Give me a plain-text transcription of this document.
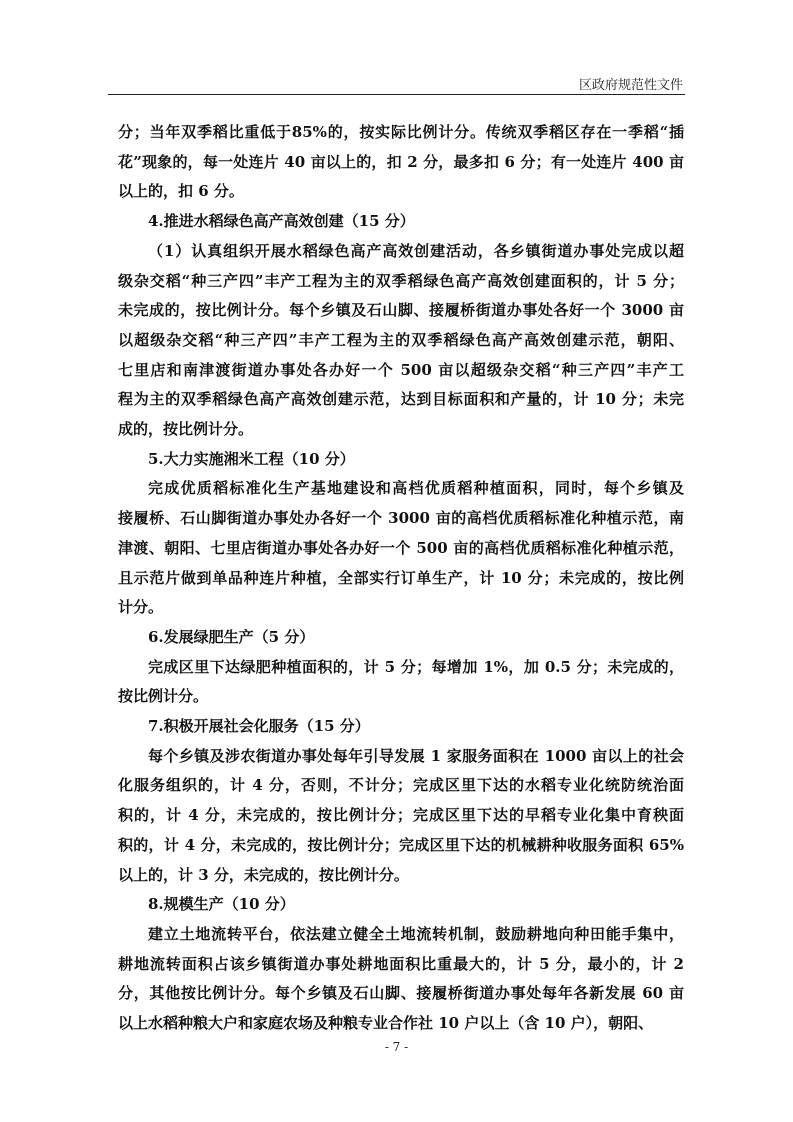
区政府规范性文件
分；当年双季稻比重低于85%的，按实际比例计分。传统双季稻区存在一季稻“插
花”现象的，每一处连片 40 亩以上的，扣 2 分，最多扣 6 分；有一处连片 400 亩
以上的，扣 6 分。
4.推进水稻绿色高产高效创建（15 分）
（1）认真组织开展水稻绿色高产高效创建活动，各乡镇街道办事处完成以超
级杂交稻“种三产四”丰产工程为主的双季稻绿色高产高效创建面积的，计 5 分；
未完成的，按比例计分。每个乡镇及石山脚、接履桥街道办事处各好一个 3000 亩
以超级杂交稻“种三产四”丰产工程为主的双季稻绿色高产高效创建示范，朝阳、
七里店和南津渡街道办事处各办好一个 500 亩以超级杂交稻“种三产四”丰产工
程为主的双季稻绿色高产高效创建示范，达到目标面积和产量的，计 10 分；未完
成的，按比例计分。
5.大力实施湘米工程（10 分）
完成优质稻标准化生产基地建设和高档优质稻种植面积，同时，每个乡镇及
接履桥、石山脚街道办事处办各好一个 3000 亩的高档优质稻标准化种植示范，南
津渡、朝阳、七里店街道办事处各办好一个 500 亩的高档优质稻标准化种植示范，
且示范片做到单品种连片种植，全部实行订单生产，计 10 分；未完成的，按比例
计分。
6.发展绿肥生产（5 分）
完成区里下达绿肥种植面积的，计 5 分；每增加 1%，加 0.5 分；未完成的，
按比例计分。
7.积极开展社会化服务（15 分）
每个乡镇及涉农街道办事处每年引导发展 1 家服务面积在 1000 亩以上的社会
化服务组织的，计 4 分，否则，不计分；完成区里下达的水稻专业化统防统治面
积的，计 4 分，未完成的，按比例计分；完成区里下达的早稻专业化集中育秧面
积的，计 4 分，未完成的，按比例计分；完成区里下达的机械耕种收服务面积 65%
以上的，计 3 分，未完成的，按比例计分。
8.规模生产（10 分）
建立土地流转平台，依法建立健全土地流转机制，鼓励耕地向种田能手集中，
耕地流转面积占该乡镇街道办事处耕地面积比重最大的，计 5 分，最小的，计 2
分，其他按比例计分。每个乡镇及石山脚、接履桥街道办事处每年各新发展 60 亩
以上水稻种粮大户和家庭农场及种粮专业合作社 10 户以上（含 10 户），朝阳、
- 7 -
